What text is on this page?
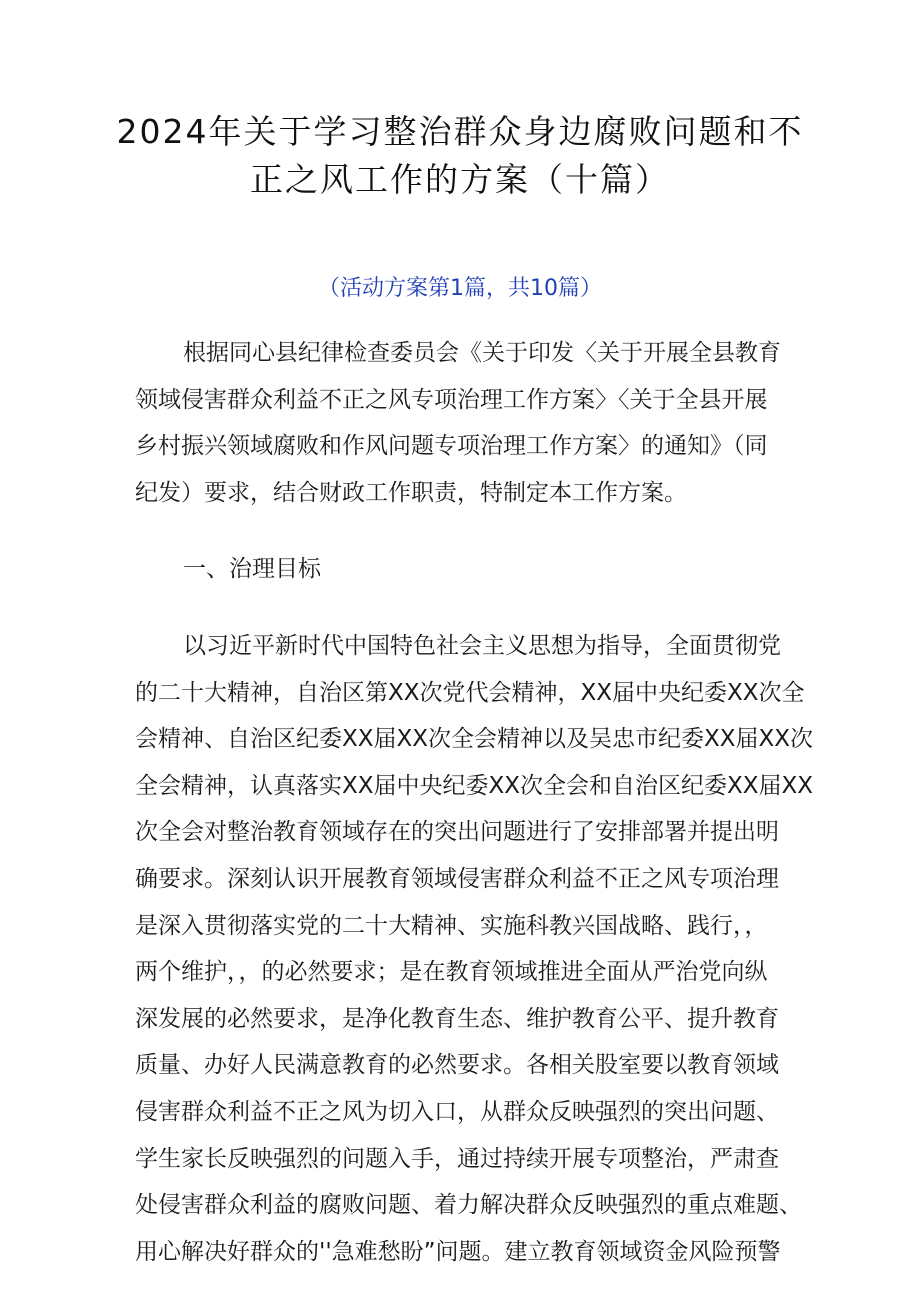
2024年关于学习整治群众身边腐败问题和不
正之风工作的方案（十篇）
（活动方案第1篇，共10篇）
根据同心县纪律检查委员会《关于印发〈关于开展全县教育
领域侵害群众利益不正之风专项治理工作方案〉〈关于全县开展
乡村振兴领域腐败和作风问题专项治理工作方案〉的通知》（同
纪发）要求，结合财政工作职责，特制定本工作方案。
一、治理目标
以习近平新时代中国特色社会主义思想为指导，全面贯彻党
的二十大精神，自治区第XX次党代会精神，XX届中央纪委XX次全
会精神、自治区纪委XX届XX次全会精神以及吴忠市纪委XX届XX次
全会精神，认真落实XX届中央纪委XX次全会和自治区纪委XX届XX
次全会对整治教育领域存在的突出问题进行了安排部署并提出明
确要求。深刻认识开展教育领域侵害群众利益不正之风专项治理
是深入贯彻落实党的二十大精神、实施科教兴国战略、践行，，
两个维护，，的必然要求；是在教育领域推进全面从严治党向纵
深发展的必然要求，是净化教育生态、维护教育公平、提升教育
质量、办好人民满意教育的必然要求。各相关股室要以教育领域
侵害群众利益不正之风为切入口，从群众反映强烈的突出问题、
学生家长反映强烈的问题入手，通过持续开展专项整治，严肃查
处侵害群众利益的腐败问题、着力解决群众反映强烈的重点难题、
用心解决好群众的''急难愁盼”问题。建立教育领域资金风险预警
